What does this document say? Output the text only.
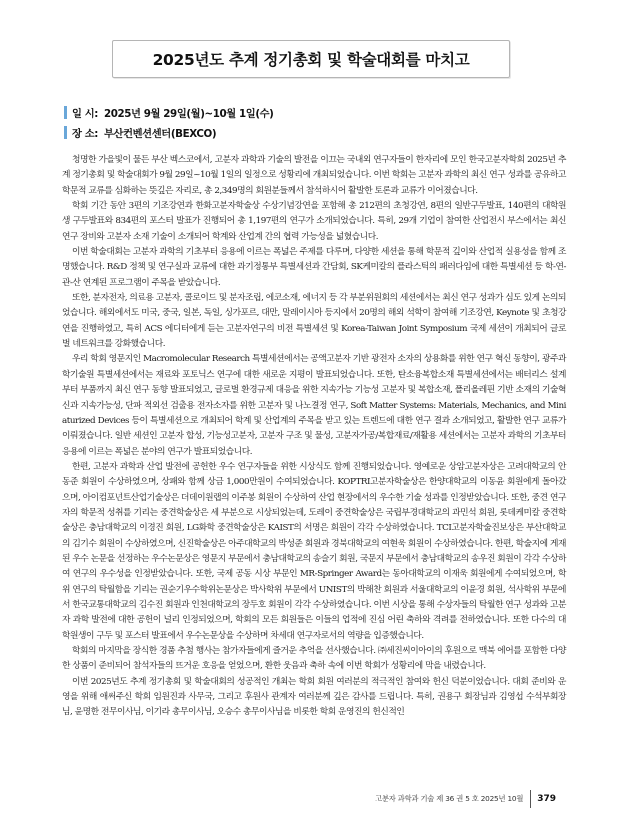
2025년도 추계 정기총회 및 학술대회를 마치고
일 시: 2025년 9월 29일(월)~10월 1일(수)
장 소: 부산컨벤션센터(BEXCO)

청명한 가을빛이 물든 부산 벡스코에서, 고분자 과학과 기술의 발전을 이끄는 국내외 연구자들이 한자리에 모인 한국고분자학회 2025년 추계 정기총회 및 학술대회가 9월 29일~10월 1일의 일정으로 성황리에 개최되었습니다. 이번 학회는 고분자 과학의 최신 연구 성과를 공유하고 학문적 교류를 심화하는 뜻깊은 자리로, 총 2,349명의 회원분들께서 참석하시어 활발한 토론과 교류가 이어졌습니다.

학회 기간 동안 3편의 기조강연과 한화고분자학술상 수상기념강연을 포함해 총 212편의 초청강연, 8편의 일반구두발표, 140편의 대학원생 구두발표와 834편의 포스터 발표가 진행되어 총 1,197편의 연구가 소개되었습니다. 특히, 29개 기업이 참여한 산업전시 부스에서는 최신 연구 장비와 고분자 소재 기술이 소개되어 학계와 산업계 간의 협력 가능성을 넓혔습니다.

이번 학술대회는 고분자 과학의 기초부터 응용에 이르는 폭넓은 주제를 다루며, 다양한 세션을 통해 학문적 깊이와 산업적 실용성을 함께 조명했습니다. R&D 정책 및 연구실과 교류에 대한 과기정통부 특별세션과 간담회, SK케미칼의 플라스틱의 패러다임에 대한 특별세션 등 학-연-관-산 연계된 프로그램이 주목을 받았습니다.

또한, 분자전자, 의료용 고분자, 콜로이드 및 분자조립, 에코소재, 에너지 등 각 부분위원회의 세션에서는 최신 연구 성과가 심도 있게 논의되었습니다. 해외에서도 미국, 중국, 일본, 독일, 싱가포르, 대만, 말레이시아 등지에서 20명의 해외 석학이 참여해 기조강연, Keynote 및 초청강연을 진행하였고, 특히 ACS 에디터에게 듣는 고분자연구의 비전 특별세션 및 Korea-Taiwan Joint Symposium 국제 세션이 개최되어 글로벌 네트워크를 강화했습니다.

우리 학회 영문지인 Macromolecular Research 특별세션에서는 공액고분자 기반 광전자 소자의 상용화를 위한 연구 혁신 동향이, 광주과학기술원 특별세션에서는 재료와 포토닉스 연구에 대한 새로운 지평이 발표되었습니다. 또한, 탄소융복합소재 특별세션에서는 배터리스 설계부터 부품까지 최신 연구 동향 발표되었고, 글로벌 환경규제 대응을 위한 지속가능 기능성 고분자 및 복합소재, 폴리올레핀 기반 소재의 기술혁신과 지속가능성, 단파 적외선 검출용 전자소자를 위한 고분자 및 나노결정 연구, Soft Matter Systems: Materials, Mechanics, and Miniaturized Devices 등이 특별세션으로 개최되어 학계 및 산업계의 주목을 받고 있는 트렌드에 대한 연구 결과 소개되었고, 활발한 연구 교류가 이뤄졌습니다. 일반 세션인 고분자 합성, 기능성고분자, 고분자 구조 및 물성, 고분자가공/복합재료/재활용 세션에서는 고분자 과학의 기초부터 응용에 이르는 폭넓은 분야의 연구가 발표되었습니다.

한편, 고분자 과학과 산업 발전에 공헌한 우수 연구자들을 위한 시상식도 함께 진행되었습니다. 영예로운 상암고분자상은 고려대학교의 안동준 회원이 수상하였으며, 상패와 함께 상금 1,000만원이 수여되었습니다. KOPTRI고분자학술상은 한양대학교의 이동윤 회원에게 돌아갔으며, 아이컴포넌트산업기술상은 더데이원랩의 이주봉 회원이 수상하여 산업 현장에서의 우수한 기술 성과를 인정받았습니다. 또한, 중견 연구자의 학문적 성취를 기리는 중견학술상은 세 부분으로 시상되었는데, 도레이 중견학술상은 국립부경대학교의 과민석 회원, 롯데케미칼 중견학술상은 충남대학교의 이경진 회원, LG화학 중견학술상은 KAIST의 서명은 회원이 각각 수상하였습니다. TCI고분자학술진보상은 부산대학교의 김기수 회원이 수상하였으며, 신진학술상은 아주대학교의 박성준 회원과 경북대학교의 여현욱 회원이 수상하였습니다. 한편, 학술지에 게재된 우수 논문을 선정하는 우수논문상은 영문지 부문에서 충남대학교의 송슬기 회원, 국문지 부문에서 충남대학교의 송우진 회원이 각각 수상하여 연구의 우수성을 인정받았습니다. 또한, 국제 공동 시상 부문인 MR-Springer Award는 동아대학교의 이재욱 회원에게 수여되었으며, 학위 연구의 탁월함을 기리는 권순기우수학위논문상은 박사학위 부문에서 UNIST의 박해찬 회원과 서울대학교의 이윤경 회원, 석사학위 부문에서 한국교통대학교의 김수진 회원과 인천대학교의 장두호 회원이 각각 수상하였습니다. 이번 시상을 통해 수상자들의 탁월한 연구 성과와 고분자 과학 발전에 대한 공헌이 널리 인정되었으며, 학회의 모든 회원들은 이들의 업적에 진심 어린 축하와 격려를 전하였습니다. 또한 다수의 대학원생이 구두 및 포스터 발표에서 우수논문상을 수상하며 차세대 연구자로서의 역량을 입증했습니다.

학회의 마지막을 장식한 경품 추첨 행사는 참가자들에게 즐거운 추억을 선사했습니다. ㈜세진씨이아이의 후원으로 맥북 에어를 포함한 다양한 상품이 준비되어 참석자들의 뜨거운 호응을 얻었으며, 환한 웃음과 축하 속에 이번 학회가 성황리에 막을 내렸습니다.

이번 2025년도 추계 정기총회 및 학술대회의 성공적인 개최는 학회 회원 여러분의 적극적인 참여와 헌신 덕분이었습니다. 대회 준비와 운영을 위해 애써주신 학회 임원진과 사무국, 그리고 후원사 관계자 여러분께 깊은 감사를 드립니다. 특히, 권용구 회장님과 김영섭 수석부회장님, 윤명한 전무이사님, 이기라 총무이사님, 오승수 총무이사님을 비롯한 학회 운영진의 헌신적인

고분자 과학과 기술 제 36 권 5 호 2025년 10월 379
